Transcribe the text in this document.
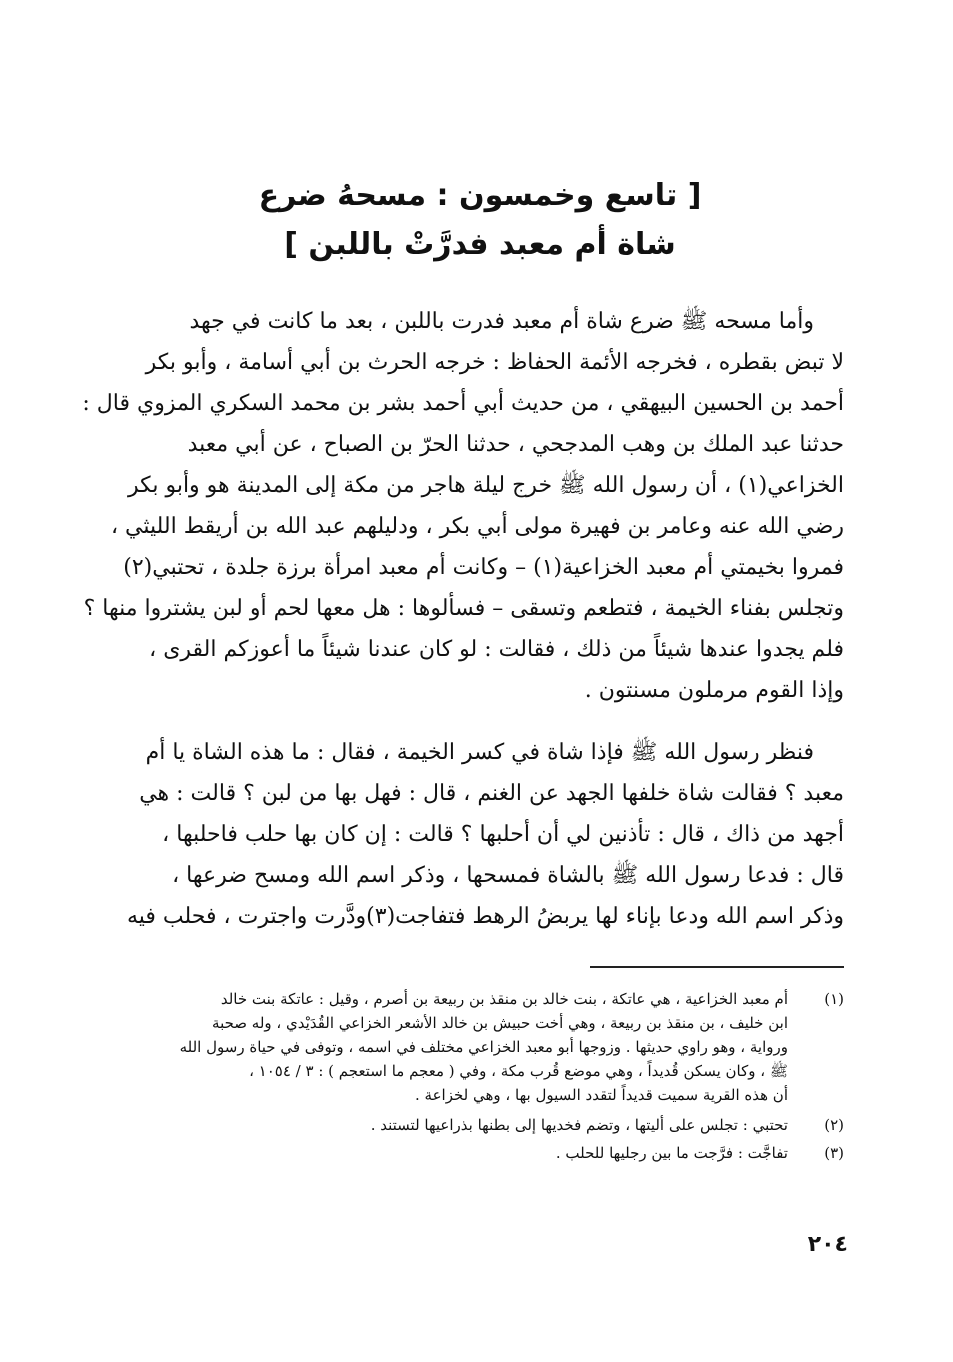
[ تاسع وخمسون : مسحهُ ضرع
شاة أم معبد فدرَّتْ باللبن ]
وأما مسحه ﷺ ضرع شاة أم معبد فدرت باللبن ، بعد ما كانت في جهد
لا تبض بقطره ، فخرجه الأئمة الحفاظ : خرجه الحرث بن أبي أسامة ، وأبو بكر
أحمد بن الحسين البيهقي ، من حديث أبي أحمد بشر بن محمد السكري المزوي قال :
حدثنا عبد الملك بن وهب المدجحي ، حدثنا الحرّ بن الصباح ، عن أبي معبد
الخزاعي(١) ، أن رسول الله ﷺ خرج ليلة هاجر من مكة إلى المدينة هو وأبو بكر
رضي الله عنه وعامر بن فهيرة مولى أبي بكر ، ودليلهم عبد الله بن أريقط الليثي ،
فمروا بخيمتي أم معبد الخزاعية(١) – وكانت أم معبد امرأة برزة جلدة ، تحتبي(٢)
وتجلس بفناء الخيمة ، فتطعم وتسقى – فسألوها : هل معها لحم أو لبن يشتروا منها ؟
فلم يجدوا عندها شيئاً من ذلك ، فقالت : لو كان عندنا شيئاً ما أعوزكم القرى ،
وإذا القوم مرملون مسنتون .
فنظر رسول الله ﷺ فإذا شاة في كسر الخيمة ، فقال : ما هذه الشاة يا أم
معبد ؟ فقالت شاة خلفها الجهد عن الغنم ، قال : فهل بها من لبن ؟ قالت : هي
أجهد من ذاك ، قال : تأذنين لي أن أحلبها ؟ قالت : إن كان بها حلب فاحلبها ،
قال : فدعا رسول الله ﷺ بالشاة فمسحها ، وذكر اسم الله ومسح ضرعها ،
وذكر اسم الله ودعا بإناء لها يربضُ الرهط فتفاجت(٣)ودَّرت واجترت ، فحلب فيه
(١)
أم معبد الخزاعية ، هي عاتكة ، بنت خالد بن منقذ بن ربيعة بن أصرم ، وقيل : عاتكة بنت خالد
ابن خليف ، بن منقذ بن ربيعة ، وهي أخت حبيش بن خالد الأشعر الخزاعي القُدَيْدي ، وله صحبة
ورواية ، وهو راوي حديثها . وزوجها أبو معبد الخزاعي مختلف في اسمه ، وتوفى في حياة رسول الله
ﷺ ، وكان يسكن قُديداً ، وهي موضع قُرب مكة ، وفي ( معجم ما استعجم ) : ٣ / ١٠٥٤ ،
أن هذه القرية سميت قديداً لتقدد السيول بها ، وهي لخزاعة .
(٢)
تحتبي : تجلس على أليتها ، وتضم فخديها إلى بطنها بذراعيها لتستند .
(٣)
تفاجَّت : فرَّجت ما بين رجليها للحلب .
٢٠٤
